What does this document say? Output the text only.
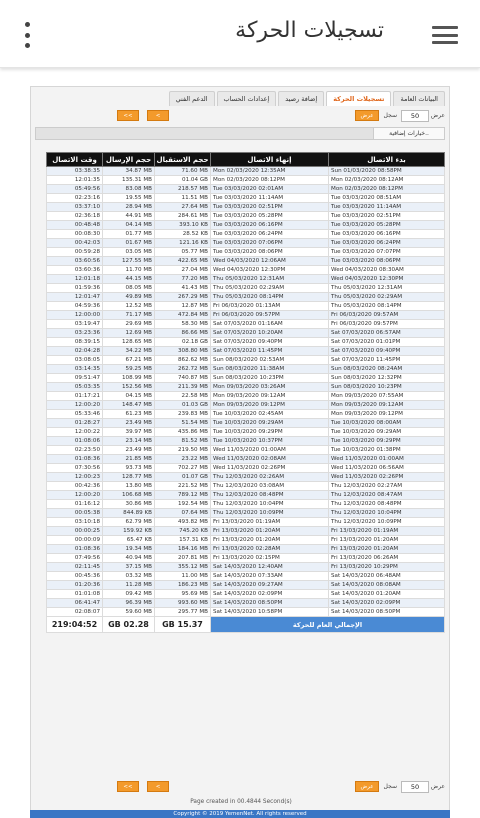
تسجيلات الحركة
البيانات العامة
تسجيلات الحركة
إضافة رصيد
إعدادات الحساب
الدعم الفني
عرض
50
سجل
عرض
<
<<
خيارات إضافية..
عرض
50
سجل
عرض
<
<<
Page created in 00.4844 Second(s)
وقت الاتصال	حجم الإرسال	حجم الاستقبال	إنهاء الاتصال	بدء الاتصال
03:38:35	34.87 MB	71.60 MB	Mon 02/03/2020 12:35AM	Sun 01/03/2020 08:58PM
12:01:35	135.31 MB	01.04 GB	Mon 02/03/2020 08:12PM	Mon 02/03/2020 08:12AM
05:49:56	83.08 MB	218.57 MB	Tue 03/03/2020 02:01AM	Mon 02/03/2020 08:12PM
02:23:16	19.55 MB	11.51 MB	Tue 03/03/2020 11:14AM	Tue 03/03/2020 08:51AM
03:37:10	28.94 MB	27.64 MB	Tue 03/03/2020 02:51PM	Tue 03/03/2020 11:14AM
02:36:18	44.91 MB	284.61 MB	Tue 03/03/2020 05:28PM	Tue 03/03/2020 02:51PM
00:48:48	04.14 MB	393.10 KB	Tue 03/03/2020 06:16PM	Tue 03/03/2020 05:28PM
00:08:30	01.77 MB	28.52 KB	Tue 03/03/2020 06:24PM	Tue 03/03/2020 06:16PM
00:42:03	01.67 MB	121.16 KB	Tue 03/03/2020 07:06PM	Tue 03/03/2020 06:24PM
00:59:28	03.05 MB	05.77 MB	Tue 03/03/2020 08:06PM	Tue 03/03/2020 07:07PM
03:60:56	127.55 MB	422.65 MB	Wed 04/03/2020 12:06AM	Tue 03/03/2020 08:06PM
03:60:36	11.70 MB	27.04 MB	Wed 04/03/2020 12:30PM	Wed 04/03/2020 08:30AM
12:01:18	44.15 MB	77.20 MB	Thu 05/03/2020 12:31AM	Wed 04/03/2020 12:30PM
01:59:36	08.05 MB	41.43 MB	Thu 05/03/2020 02:29AM	Thu 05/03/2020 12:31AM
12:01:47	49.89 MB	267.29 MB	Thu 05/03/2020 08:14PM	Thu 05/03/2020 02:29AM
04:59:36	12.52 MB	12.87 MB	Fri 06/03/2020 01:13AM	Thu 05/03/2020 08:14PM
12:00:00	71.17 MB	472.84 MB	Fri 06/03/2020 09:57PM	Fri 06/03/2020 09:57AM
03:19:47	29.69 MB	58.30 MB	Sat 07/03/2020 01:16AM	Fri 06/03/2020 09:57PM
03:23:36	12.69 MB	86.66 MB	Sat 07/03/2020 10:20AM	Sat 07/03/2020 06:57AM
08:39:15	128.65 MB	02.18 GB	Sat 07/03/2020 09:40PM	Sat 07/03/2020 01:01PM
02:04:28	34.22 MB	308.80 MB	Sat 07/03/2020 11:45PM	Sat 07/03/2020 09:40PM
03:08:05	67.21 MB	862.62 MB	Sun 08/03/2020 02:53AM	Sat 07/03/2020 11:45PM
03:14:35	59.25 MB	262.72 MB	Sun 08/03/2020 11:38AM	Sun 08/03/2020 08:24AM
09:51:47	108.99 MB	740.87 MB	Sun 08/03/2020 10:23PM	Sun 08/03/2020 12:32PM
05:03:35	152.56 MB	211.39 MB	Mon 09/03/2020 03:26AM	Sun 08/03/2020 10:23PM
01:17:21	04.15 MB	22.58 MB	Mon 09/03/2020 09:12AM	Mon 09/03/2020 07:55AM
12:00:20	148.47 MB	01.03 GB	Mon 09/03/2020 09:12PM	Mon 09/03/2020 09:12AM
05:33:46	61.23 MB	239.83 MB	Tue 10/03/2020 02:45AM	Mon 09/03/2020 09:12PM
01:28:27	23.49 MB	51.54 MB	Tue 10/03/2020 09:29AM	Tue 10/03/2020 08:00AM
12:00:22	39.97 MB	435.86 MB	Tue 10/03/2020 09:29PM	Tue 10/03/2020 09:29AM
01:08:06	23.14 MB	81.52 MB	Tue 10/03/2020 10:37PM	Tue 10/03/2020 09:29PM
02:23:50	23.49 MB	219.50 MB	Wed 11/03/2020 01:00AM	Tue 10/03/2020 01:38PM
01:08:36	21.85 MB	23.22 MB	Wed 11/03/2020 02:08AM	Wed 11/03/2020 01:00AM
07:30:56	93.73 MB	702.27 MB	Wed 11/03/2020 02:26PM	Wed 11/03/2020 06:56AM
12:00:23	128.77 MB	01.07 GB	Thu 12/03/2020 02:26AM	Wed 11/03/2020 02:26PM
00:42:36	13.80 MB	221.52 MB	Thu 12/03/2020 03:08AM	Thu 12/03/2020 02:27AM
12:00:20	106.68 MB	789.12 MB	Thu 12/03/2020 08:48PM	Thu 12/03/2020 08:47AM
01:16:12	30.86 MB	192.54 MB	Thu 12/03/2020 10:04PM	Thu 12/03/2020 08:48PM
00:05:38	844.89 KB	07.64 MB	Thu 12/03/2020 10:09PM	Thu 12/03/2020 10:04PM
03:10:18	62.79 MB	493.82 MB	Fri 13/03/2020 01:19AM	Thu 12/03/2020 10:09PM
00:00:25	159.92 KB	745.20 KB	Fri 13/03/2020 01:20AM	Fri 13/03/2020 01:19AM
00:00:09	65.47 KB	157.31 KB	Fri 13/03/2020 01:20AM	Fri 13/03/2020 01:20AM
01:08:36	19.34 MB	184.16 MB	Fri 13/03/2020 02:28AM	Fri 13/03/2020 01:20AM
07:49:56	40.94 MB	207.81 MB	Fri 13/03/2020 02:15PM	Fri 13/03/2020 06:26AM
02:11:45	37.15 MB	355.12 MB	Sat 14/03/2020 12:40AM	Fri 13/03/2020 10:29PM
00:45:36	03.32 MB	11.00 MB	Sat 14/03/2020 07:33AM	Sat 14/03/2020 06:48AM
01:20:36	11.28 MB	186.23 MB	Sat 14/03/2020 09:27AM	Sat 14/03/2020 08:08AM
01:01:08	09.42 MB	95.69 MB	Sat 14/03/2020 02:09PM	Sat 14/03/2020 01:20AM
06:41:47	96.39 MB	993.60 MB	Sat 14/03/2020 08:50PM	Sat 14/03/2020 02:09PM
02:08:07	59.60 MB	295.77 MB	Sat 14/03/2020 10:58PM	Sat 14/03/2020 08:50PM
219:04:52	GB 02.28	GB 15.37	الإجمالي العام للحركة	
Copyright © 2019 YemenNet. All rights reserved
